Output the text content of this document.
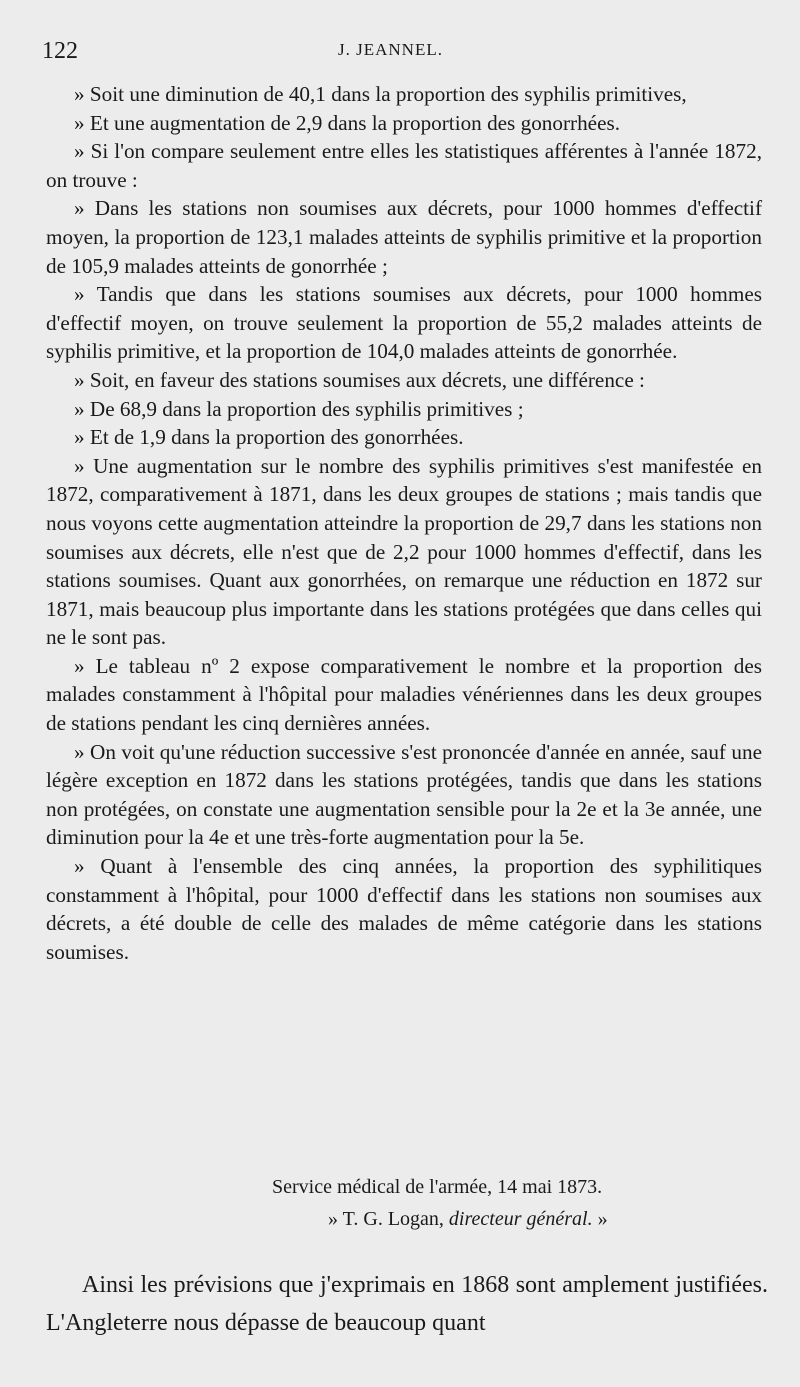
122	J. JEANNEL.

» Soit une diminution de 40,1 dans la proportion des syphilis primitives,

» Et une augmentation de 2,9 dans la proportion des gonorrhées.

» Si l'on compare seulement entre elles les statistiques afférentes à l'année 1872, on trouve :

» Dans les stations non soumises aux décrets, pour 1000 hommes d'effectif moyen, la proportion de 123,1 malades atteints de syphilis primitive et la proportion de 105,9 malades atteints de gonorrhée ;

» Tandis que dans les stations soumises aux décrets, pour 1000 hommes d'effectif moyen, on trouve seulement la proportion de 55,2 malades atteints de syphilis primitive, et la proportion de 104,0 malades atteints de gonorrhée.

» Soit, en faveur des stations soumises aux décrets, une différence :

» De 68,9 dans la proportion des syphilis primitives ;

» Et de 1,9 dans la proportion des gonorrhées.

» Une augmentation sur le nombre des syphilis primitives s'est manifestée en 1872, comparativement à 1871, dans les deux groupes de stations ; mais tandis que nous voyons cette augmentation atteindre la proportion de 29,7 dans les stations non soumises aux décrets, elle n'est que de 2,2 pour 1000 hommes d'effectif, dans les stations soumises. Quant aux gonorrhées, on remarque une réduction en 1872 sur 1871, mais beaucoup plus importante dans les stations protégées que dans celles qui ne le sont pas.

» Le tableau nº 2 expose comparativement le nombre et la proportion des malades constamment à l'hôpital pour maladies vénériennes dans les deux groupes de stations pendant les cinq dernières années.

» On voit qu'une réduction successive s'est prononcée d'année en année, sauf une légère exception en 1872 dans les stations protégées, tandis que dans les stations non protégées, on constate une augmentation sensible pour la 2e et la 3e année, une diminution pour la 4e et une très-forte augmentation pour la 5e.

» Quant à l'ensemble des cinq années, la proportion des syphilitiques constamment à l'hôpital, pour 1000 d'effectif dans les stations non soumises aux décrets, a été double de celle des malades de même catégorie dans les stations soumises.

Service médical de l'armée, 14 mai 1873.
» T. G. Logan, directeur général. »

Ainsi les prévisions que j'exprimais en 1868 sont amplement justifiées. L'Angleterre nous dépasse de beaucoup quant
